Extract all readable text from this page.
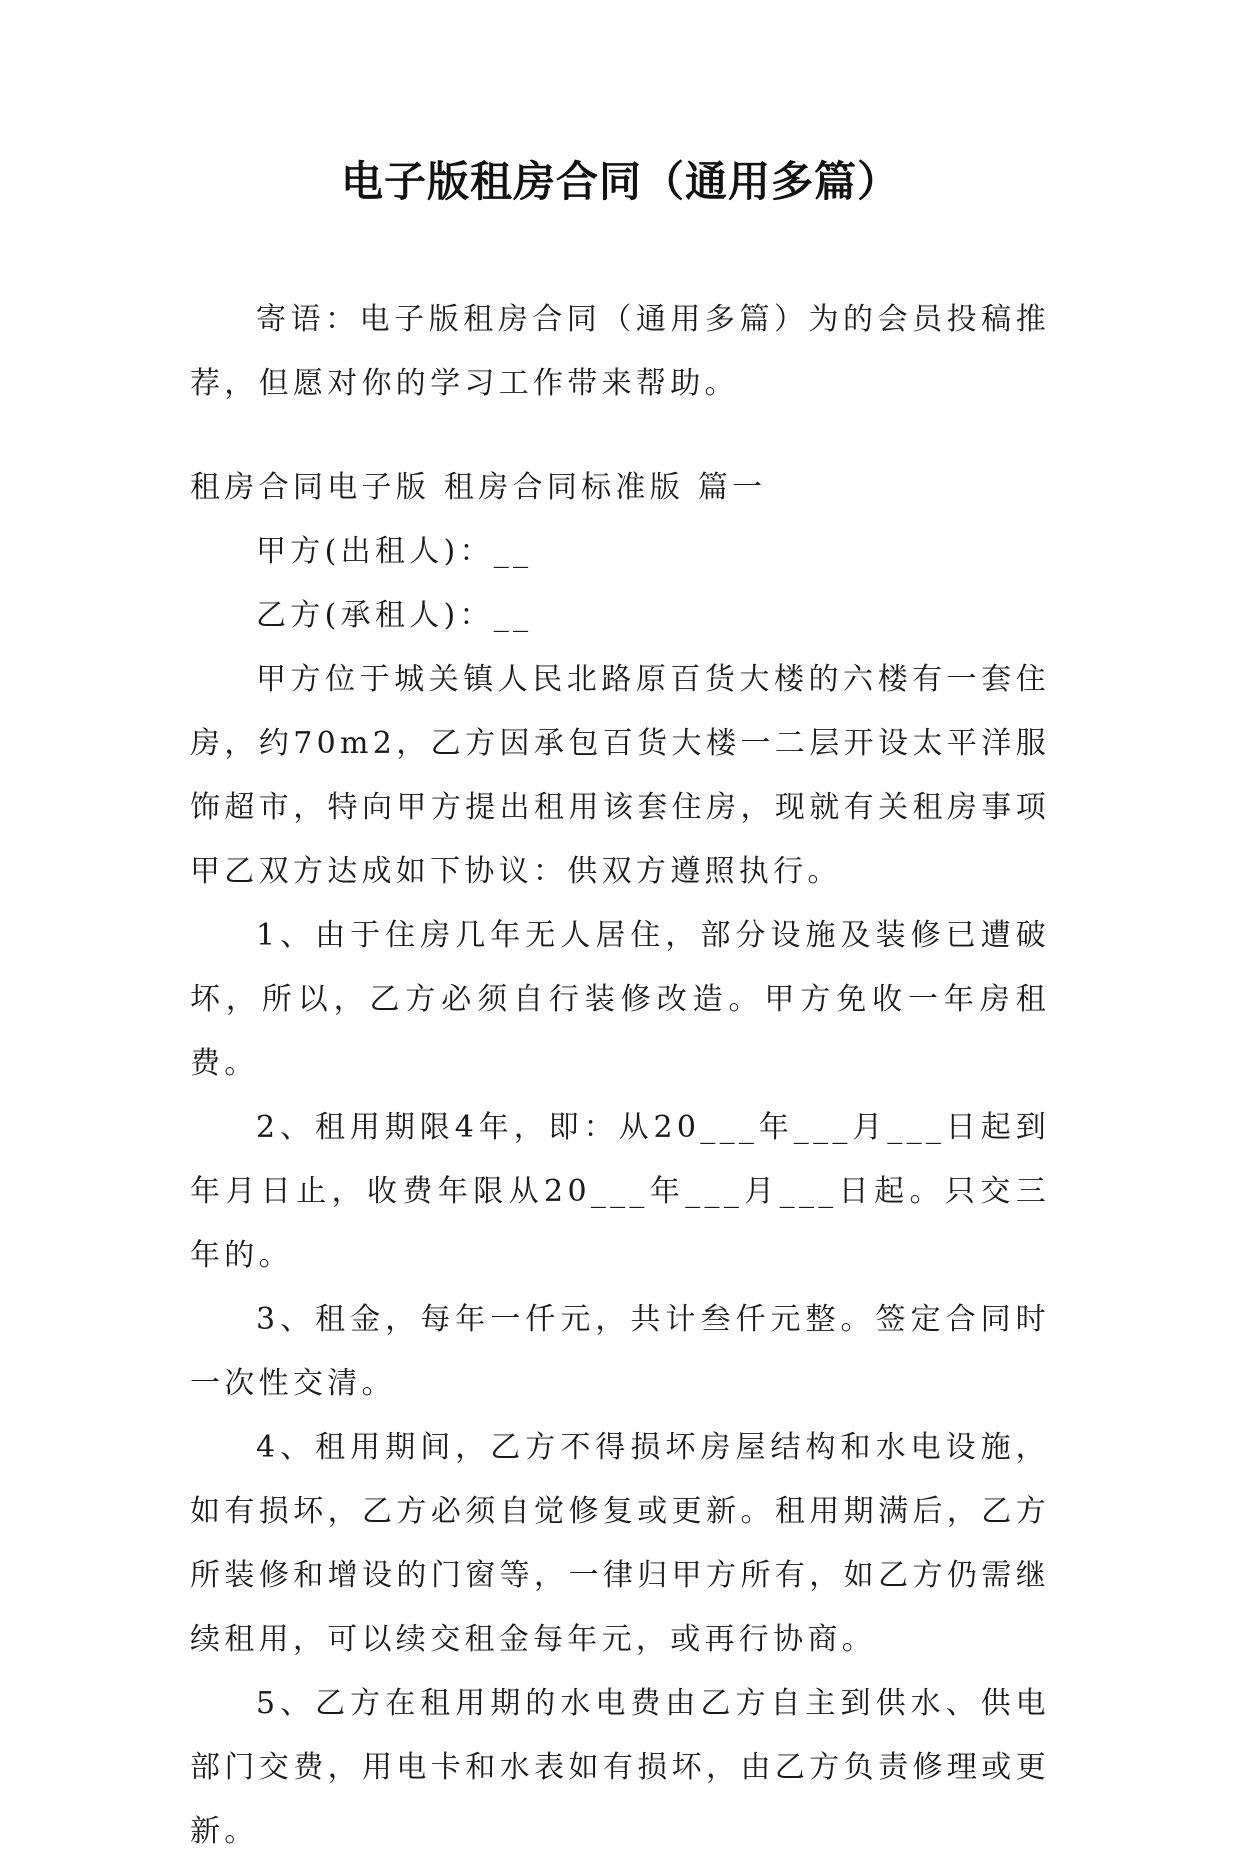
电子版租房合同（通用多篇）

寄语：电子版租房合同（通用多篇）为的会员投稿推荐，但愿对你的学习工作带来帮助。

租房合同电子版 租房合同标准版 篇一

甲方(出租人)：__

乙方(承租人)：__

甲方位于城关镇人民北路原百货大楼的六楼有一套住房，约70m2，乙方因承包百货大楼一二层开设太平洋服饰超市，特向甲方提出租用该套住房，现就有关租房事项甲乙双方达成如下协议：供双方遵照执行。

1、由于住房几年无人居住，部分设施及装修已遭破坏，所以，乙方必须自行装修改造。甲方免收一年房租费。

2、租用期限4年，即：从20___年___月___日起到年月日止，收费年限从20___年___月___日起。只交三年的。

3、租金，每年一仟元，共计叁仟元整。签定合同时一次性交清。

4、租用期间，乙方不得损坏房屋结构和水电设施，如有损坏，乙方必须自觉修复或更新。租用期满后，乙方所装修和增设的门窗等，一律归甲方所有，如乙方仍需继续租用，可以续交租金每年元，或再行协商。

5、乙方在租用期的水电费由乙方自主到供水、供电部门交费，用电卡和水表如有损坏，由乙方负责修理或更新。
